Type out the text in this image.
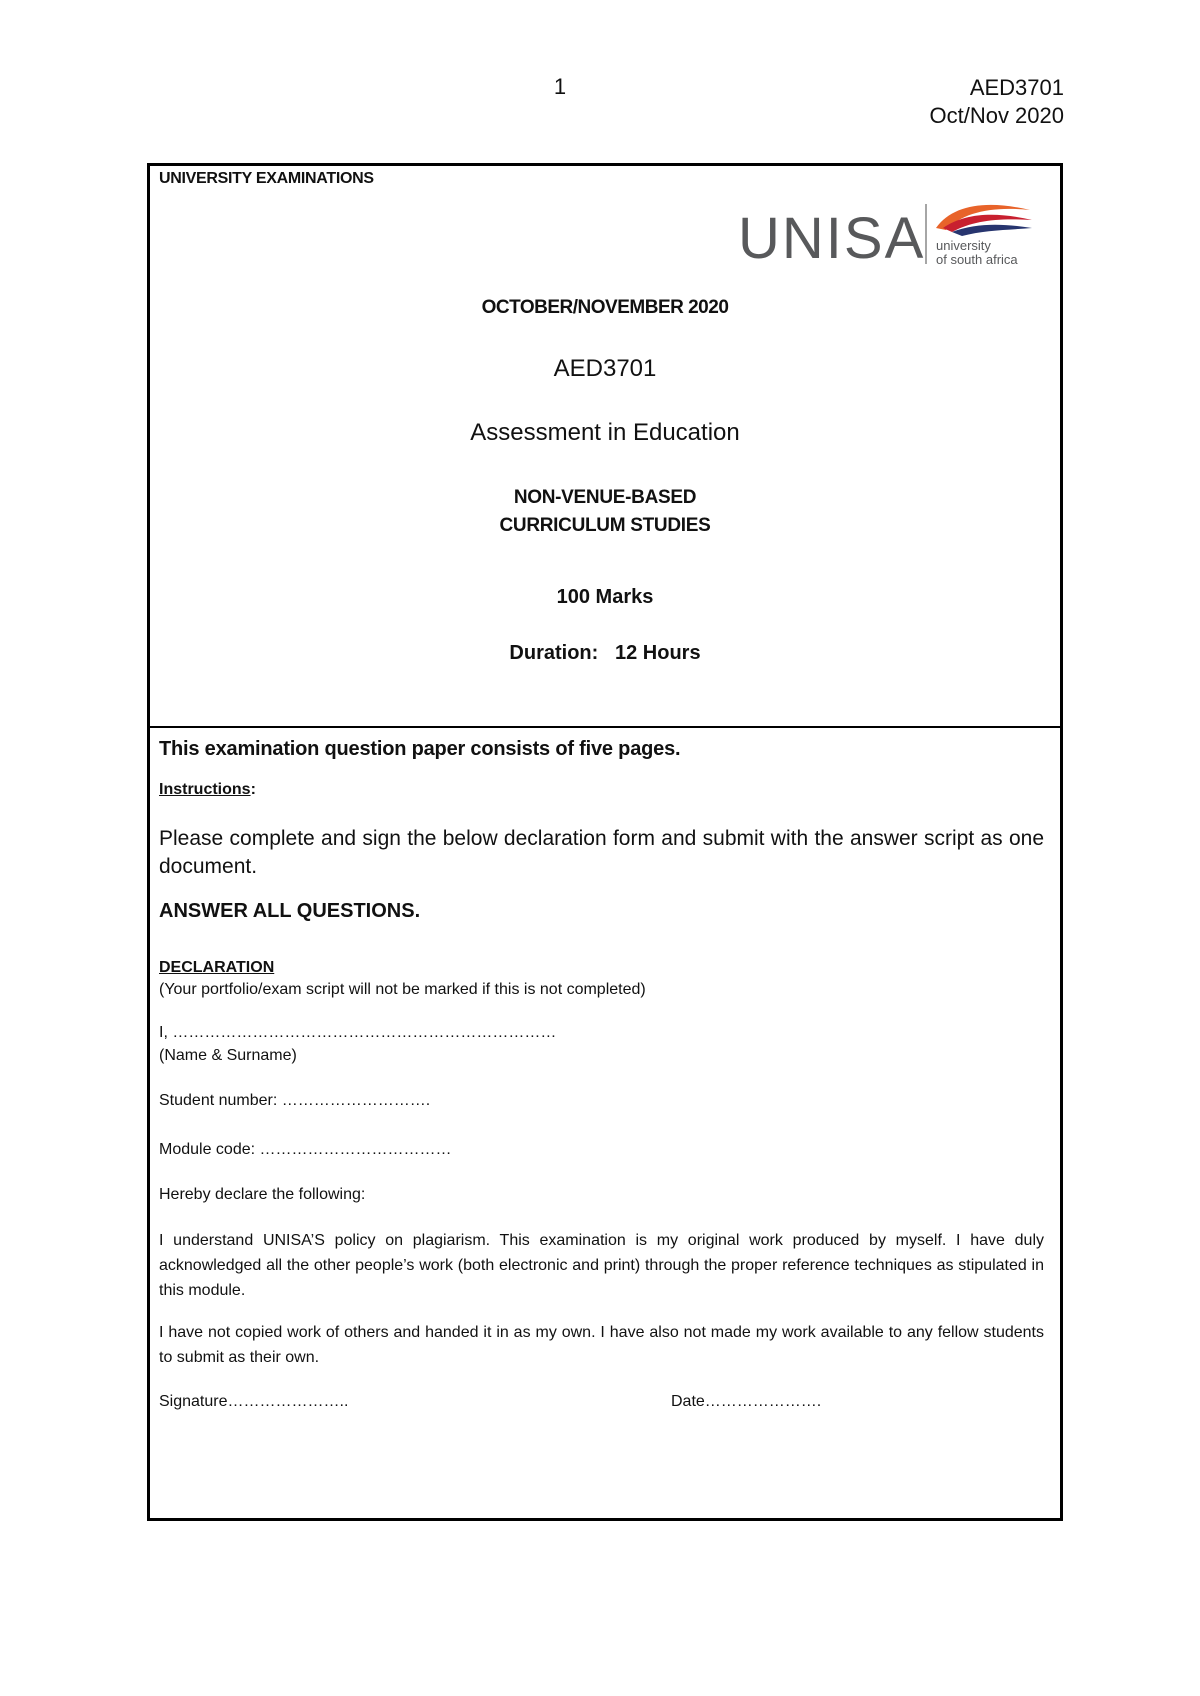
1	AED3701
Oct/Nov 2020
UNIVERSITY EXAMINATIONS
UNISA university
of south africa
OCTOBER/NOVEMBER 2020
AED3701
Assessment in Education
NON-VENUE-BASED
CURRICULUM STUDIES
100 Marks
Duration: 12 Hours
This examination question paper consists of five pages.
Instructions:
Please complete and sign the below declaration form and submit with the answer script as one document.
ANSWER ALL QUESTIONS.
DECLARATION
(Your portfolio/exam script will not be marked if this is not completed)
I, ………………………………………………………………
(Name & Surname)
Student number: ……………………….
Module code: ………………………………
Hereby declare the following:
I understand UNISA’S policy on plagiarism. This examination is my original work produced by myself. I have duly acknowledged all the other people’s work (both electronic and print) through the proper reference techniques as stipulated in this module.
I have not copied work of others and handed it in as my own. I have also not made my work available to any fellow students to submit as their own.
Signature…………………..	Date………………….
